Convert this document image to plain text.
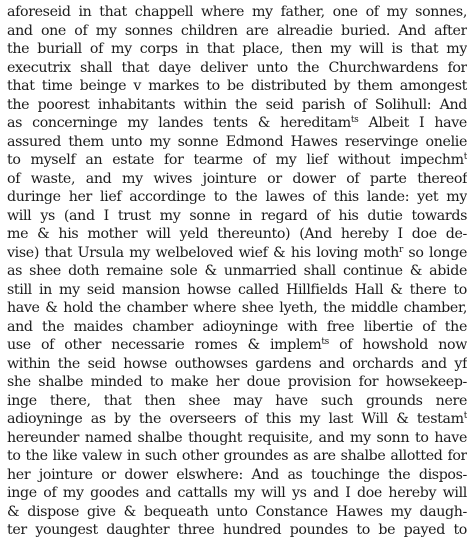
aforeseid in that chappell where my father, one of my sonnes,
and one of my sonnes children are alreadie buried. And after
the buriall of my corps in that place, then my will is that my
executrix shall that daye deliver unto the Churchwardens for
that time beinge v markes to be distributed by them amongest
the poorest inhabitants within the seid parish of Solihull: And
as concerninge my landes tents & hereditam$^{ts}$ Albeit I have
assured them unto my sonne Edmond Hawes reservinge onelie
to myself an estate for tearme of my lief without impechm$^t$
of waste, and my wives jointure or dower of parte thereof
duringe her lief accordinge to the lawes of this lande: yet my
will ys (and I trust my sonne in regard of his dutie towards
me & his mother will yeld thereunto) (And hereby I doe de-
vise) that Ursula my welbeloved wief & his loving moth$^r$ so longe
as shee doth remaine sole & unmarried shall continue & abide
still in my seid mansion howse called Hillfields Hall & there to
have & hold the chamber where shee lyeth, the middle chamber,
and the maides chamber adioyninge with free libertie of the
use of other necessarie romes & implem$^{ts}$ of howshold now
within the seid howse outhowses gardens and orchards and yf
she shalbe minded to make her doue provision for howsekeep-
inge there, that then shee may have such grounds nere
adioyninge as by the overseers of this my last Will & testam$^t$
hereunder named shalbe thought requisite, and my sonn to have
to the like valew in such other groundes as are shalbe allotted for
her jointure or dower elswhere: And as touchinge the dispos-
inge of my goodes and cattalls my will ys and I doe hereby will
& dispose give & bequeath unto Constance Hawes my daugh-
ter youngest daughter three hundred poundes to be payed to
